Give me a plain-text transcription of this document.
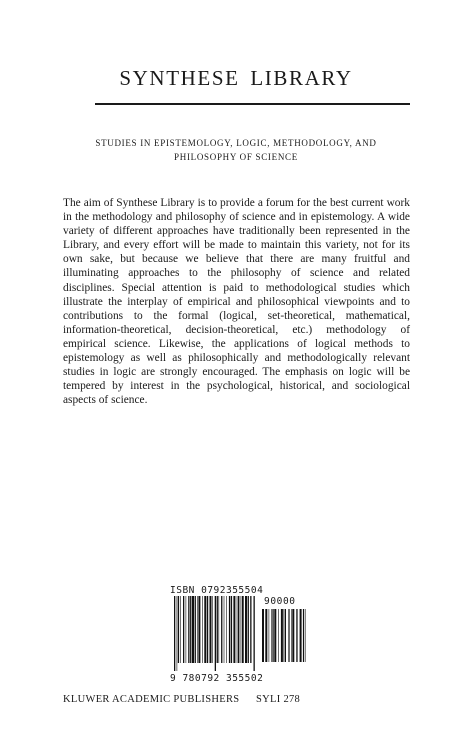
SYNTHESE LIBRARY

STUDIES IN EPISTEMOLOGY, LOGIC, METHODOLOGY, AND

PHILOSOPHY OF SCIENCE

The aim of Synthese Library is to provide a forum for the best current work in the methodology and philosophy of science and in epistemology. A wide variety of different approaches have traditionally been represented in the Library, and every effort will be made to maintain this variety, not for its own sake, but because we believe that there are many fruitful and illuminating approaches to the philosophy of science and related disciplines. Special attention is paid to methodological studies which illustrate the interplay of empirical and philosophical viewpoints and to contributions to the formal (logical, set-theoretical, mathematical, information-theoretical, decision-theoretical, etc.) methodology of empirical science. Likewise, the applications of logical methods to epistemology as well as philosophically and methodologically relevant studies in logic are strongly encouraged. The emphasis on logic will be tempered by interest in the psychological, historical, and sociological aspects of science.

ISBN 0792355504
90000
9 780792 355502

KLUWER ACADEMIC PUBLISHERS SYLI 278
